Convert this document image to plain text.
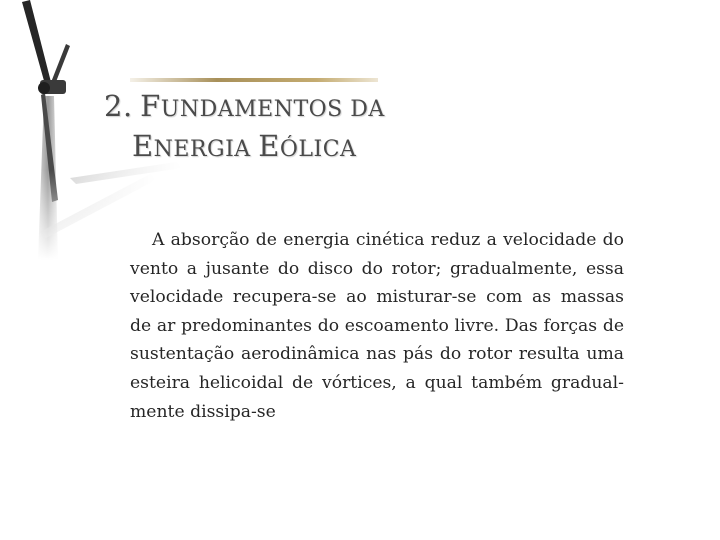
2. FUNDAMENTOS DA
ENERGIA EÓLICA

A absorção de energia cinética reduz a velocidade do vento a jusante do disco do rotor; gradualmente, essa velocidade recupera-se ao misturar-se com as massas de ar predominantes do escoamento livre. Das forças de sustentação aerodinâmica nas pás do rotor resulta uma esteira helicoidal de vórtices, a qual também gradual-mente dissipa-se
